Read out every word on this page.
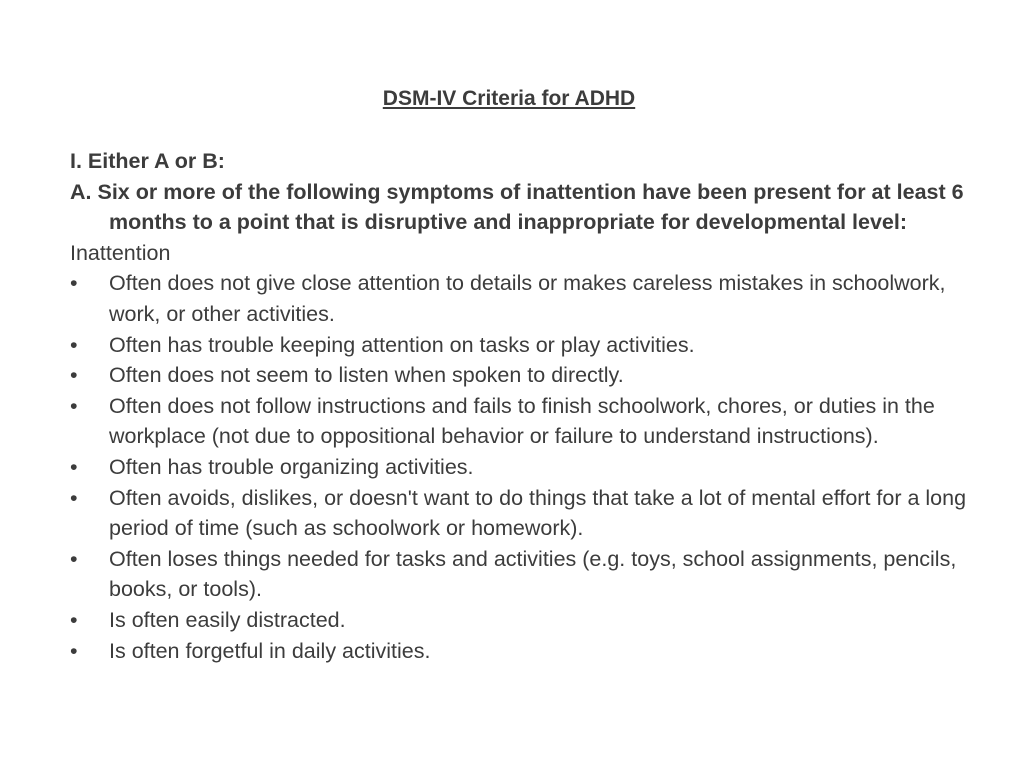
DSM-IV Criteria for ADHD

I. Either A or B:

A. Six or more of the following symptoms of inattention have been present for at least 6 months to a point that is disruptive and inappropriate for developmental level:

Inattention

•	Often does not give close attention to details or makes careless mistakes in schoolwork, work, or other activities.
•	Often has trouble keeping attention on tasks or play activities.
•	Often does not seem to listen when spoken to directly.
•	Often does not follow instructions and fails to finish schoolwork, chores, or duties in the workplace (not due to oppositional behavior or failure to understand instructions).
•	Often has trouble organizing activities.
•	Often avoids, dislikes, or doesn't want to do things that take a lot of mental effort for a long period of time (such as schoolwork or homework).
•	Often loses things needed for tasks and activities (e.g. toys, school assignments, pencils, books, or tools).
•	Is often easily distracted.
•	Is often forgetful in daily activities.
